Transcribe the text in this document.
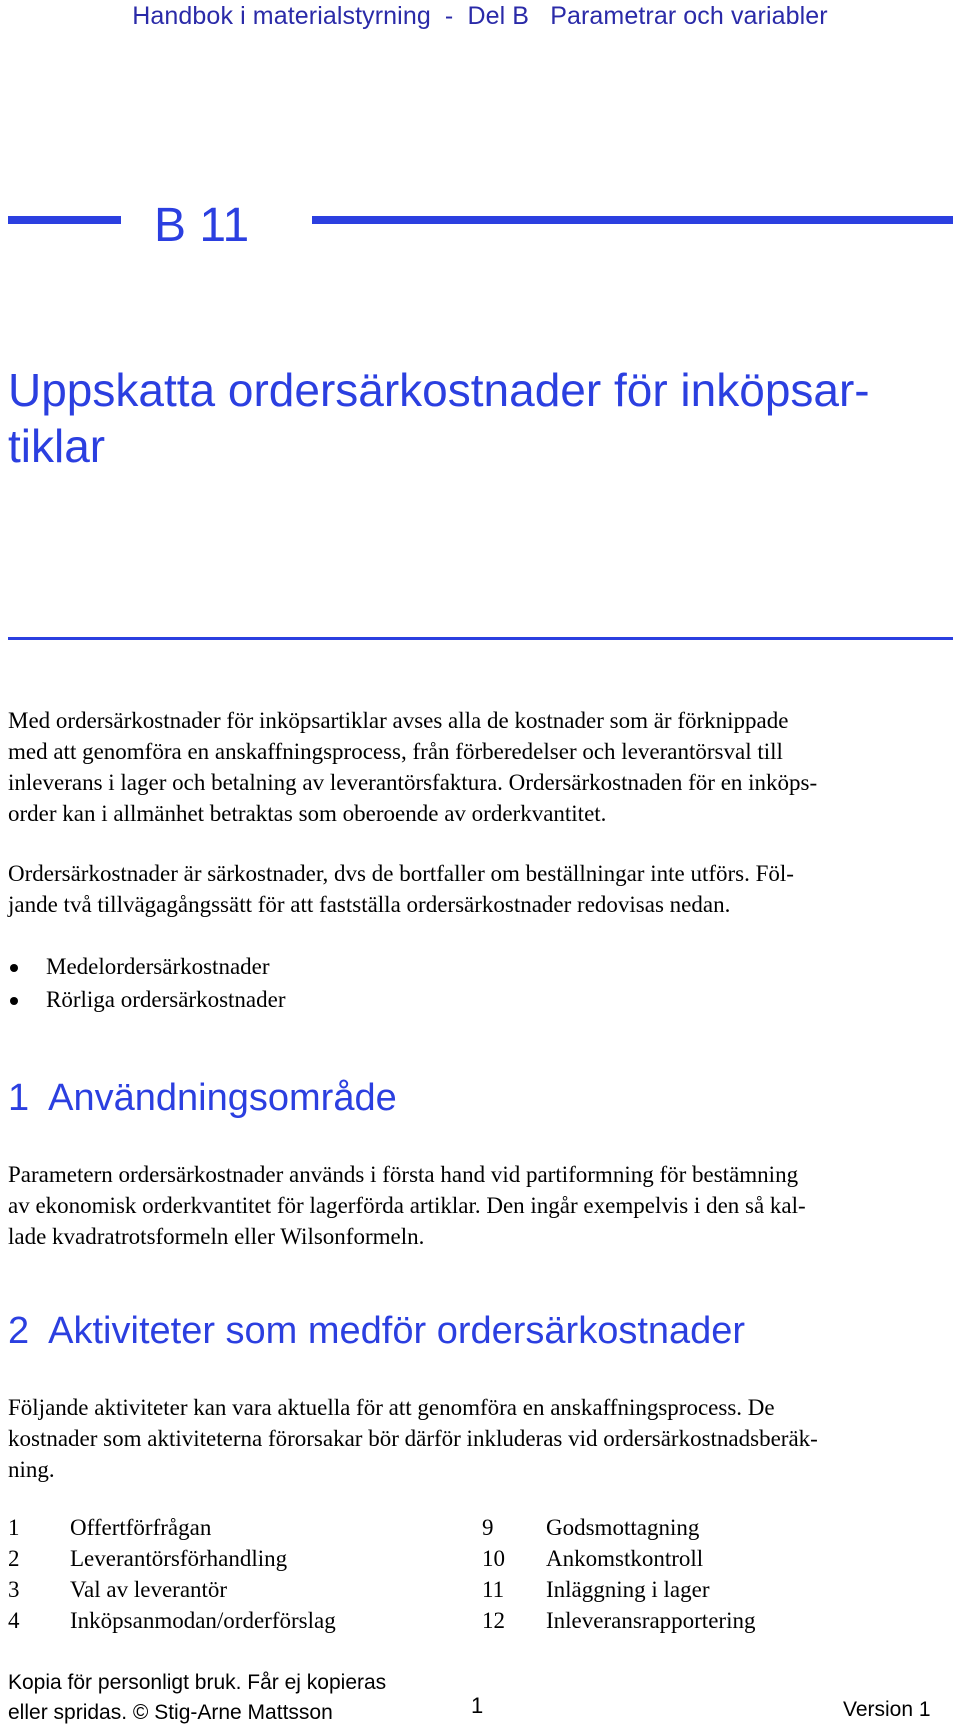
Handbok i materialstyrning  -  Del B   Parametrar och variabler
B 11
Uppskatta ordersärkostnader för inköpsar-
tiklar

Med ordersärkostnader för inköpsartiklar avses alla de kostnader som är förknippade
med att genomföra en anskaffningsprocess, från förberedelser och leverantörsval till
inleverans i lager och betalning av leverantörsfaktura. Ordersärkostnaden för en inköps-
order kan i allmänhet betraktas som oberoende av orderkvantitet.

Ordersärkostnader är särkostnader, dvs de bortfaller om beställningar inte utförs. Föl-
jande två tillvägagångssätt för att fastställa ordersärkostnader redovisas nedan.

Medelordersärkostnader
Rörliga ordersärkostnader
1  Användningsområde

Parametern ordersärkostnader används i första hand vid partiformning för bestämning
av ekonomisk orderkvantitet för lagerförda artiklar. Den ingår exempelvis i den så kal-
lade kvadratrotsformeln eller Wilsonformeln.

2  Aktiviteter som medför ordersärkostnader

Följande aktiviteter kan vara aktuella för att genomföra en anskaffningsprocess. De
kostnader som aktiviteterna förorsakar bör därför inkluderas vid ordersärkostnadsberäk-
ning.

1	Offertförfrågan	9	Godsmottagning
2	Leverantörsförhandling	10	Ankomstkontroll
3	Val av leverantör	11	Inläggning i lager
4	Inköpsanmodan/orderförslag	12	Inleveransrapportering
Kopia för personligt bruk. Får ej kopieras
eller spridas. © Stig-Arne Mattsson	1	Version 1
